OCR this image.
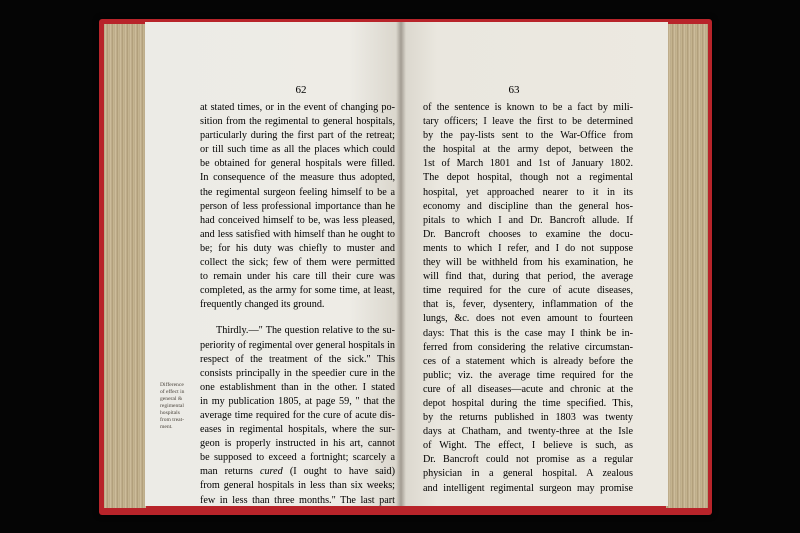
62	63
at stated times, or in the event of changing po-
sition from the regimental to general hospitals,
particularly during the first part of the retreat;
or till such time as all the places which could
be obtained for general hospitals were filled.
In consequence of the measure thus adopted,
the regimental surgeon feeling himself to be a
person of less professional importance than he
had conceived himself to be, was less pleased,
and less satisfied with himself than he ought to
be; for his duty was chiefly to muster and
collect the sick; few of them were permitted
to remain under his care till their cure was
completed, as the army for some time, at least,
frequently changed its ground.
Thirdly.—" The question relative to the su-
periority of regimental over general hospitals in
respect of the treatment of the sick." This
consists principally in the speedier cure in the
one establishment than in the other. I stated
in my publication 1805, at page 59, " that the
average time required for the cure of acute dis-
eases in regimental hospitals, where the sur-
geon is properly instructed in his art, cannot
be supposed to exceed a fortnight; scarcely a
man returns cured (I ought to have said)
from general hospitals in less than six weeks;
few in less than three months." The last part
Difference
of effect in
general &
regimental
hospitals
from treat-
ment.
of the sentence is known to be a fact by mili-
tary officers; I leave the first to be determined
by the pay-lists sent to the War-Office from
the hospital at the army depot, between the
1st of March 1801 and 1st of January 1802.
The depot hospital, though not a regimental
hospital, yet approached nearer to it in its
economy and discipline than the general hos-
pitals to which I and Dr. Bancroft allude. If
Dr. Bancroft chooses to examine the docu-
ments to which I refer, and I do not suppose
they will be withheld from his examination, he
will find that, during that period, the average
time required for the cure of acute diseases,
that is, fever, dysentery, inflammation of the
lungs, &c. does not even amount to fourteen
days: That this is the case may I think be in-
ferred from considering the relative circumstan-
ces of a statement which is already before the
public; viz. the average time required for the
cure of all diseases—acute and chronic at the
depot hospital during the time specified. This,
by the returns published in 1803 was twenty
days at Chatham, and twenty-three at the Isle
of Wight. The effect, I believe is such, as
Dr. Bancroft could not promise as a regular
physician in a general hospital. A zealous
and intelligent regimental surgeon may promise
